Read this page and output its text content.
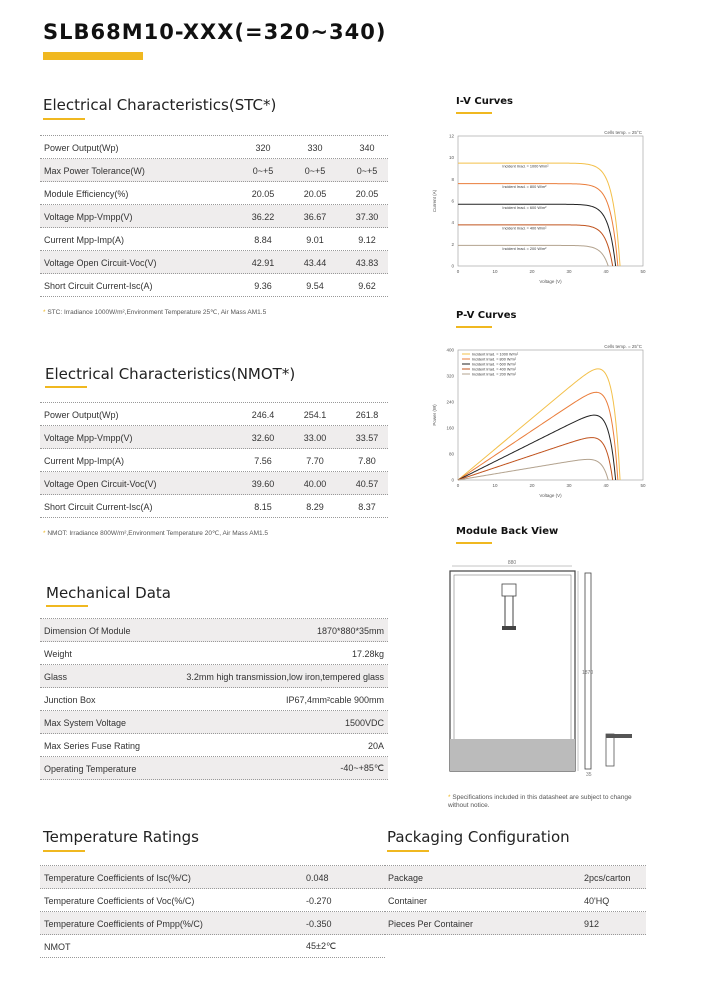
SLB68M10-XXX(=320~340)
Electrical Characteristics(STC*)
Power Output(Wp)	320	330	340
Max Power Tolerance(W)	0~+5	0~+5	0~+5
Module Efficiency(%)	20.05	20.05	20.05
Voltage Mpp-Vmpp(V)	36.22	36.67	37.30
Current Mpp-Imp(A)	8.84	9.01	9.12
Voltage Open Circuit-Voc(V)	42.91	43.44	43.83
Short Circuit Current-Isc(A)	9.36	9.54	9.62
* STC: Irradiance 1000W/m²,Environment Temperature 25℃, Air Mass AM1.5
Electrical Characteristics(NMOT*)
Power Output(Wp)	246.4	254.1	261.8
Voltage Mpp-Vmpp(V)	32.60	33.00	33.57
Current Mpp-Imp(A)	7.56	7.70	7.80
Voltage Open Circuit-Voc(V)	39.60	40.00	40.57
Short Circuit Current-Isc(A)	8.15	8.29	8.37
* NMOT: Irradiance 800W/m²,Environment Temperature 20℃, Air Mass AM1.5
Mechanical Data
Dimension Of Module	1870*880*35mm
Weight	17.28kg
Glass	3.2mm high transmission,low iron,tempered glass
Junction Box	IP67,4mm²cable 900mm
Max System Voltage	1500VDC
Max Series Fuse Rating	20A
Operating Temperature	-40~+85℃
Temperature Ratings
Temperature Coefficients of Isc(%/C)	0.048
Temperature Coefficients of Voc(%/C)	-0.270
Temperature Coefficients of Pmpp(%/C)	-0.350
NMOT	45±2℃
Packaging Configuration
Package	2pcs/carton
Container	40'HQ
Pieces Per Container	912
I-V Curves
0
2
4
6
8
10
12
0	10	20	30	40	50
Voltage (V)
Current (A)
Cells temp. = 25°C
Incident Irrad. = 1000 W/m²
Incident Irrad. = 800 W/m²
Incident Irrad. = 600 W/m²
Incident Irrad. = 400 W/m²
Incident Irrad. = 200 W/m²
P-V Curves
0
80
160
240
320
400
0	10	20	30	40	50
Voltage (V)
Power (W)
Cells temp. = 25°C
Incident Irrad. = 1000 W/m²
Incident Irrad. = 800 W/m²
Incident Irrad. = 600 W/m²
Incident Irrad. = 400 W/m²
Incident Irrad. = 200 W/m²
Module Back View
880
1870
35
* Specifications included in this datasheet are subject to change without notice.
